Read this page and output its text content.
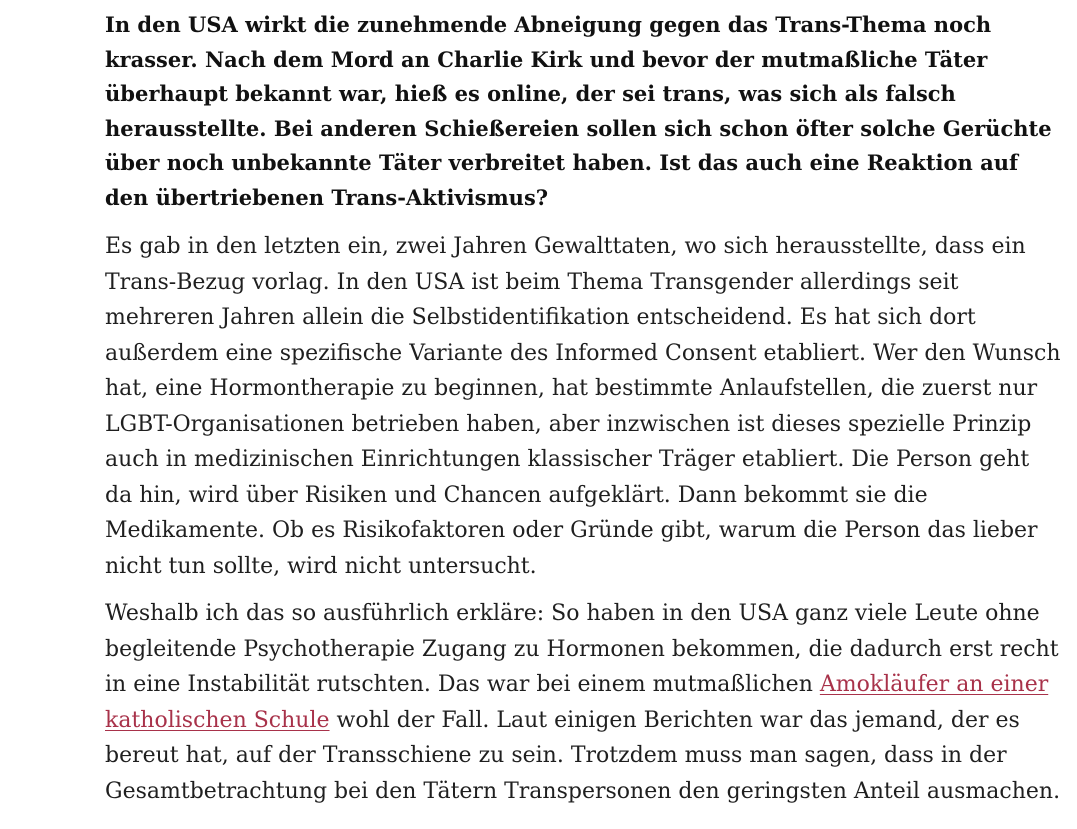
In den USA wirkt die zunehmende Abneigung gegen das Trans-Thema noch krasser. Nach dem Mord an Charlie Kirk und bevor der mutmaßliche Täter überhaupt bekannt war, hieß es online, der sei trans, was sich als falsch herausstellte. Bei anderen Schießereien sollen sich schon öfter solche Gerüchte über noch unbekannte Täter verbreitet haben. Ist das auch eine Reaktion auf den übertriebenen Trans-Aktivismus?

Es gab in den letzten ein, zwei Jahren Gewalttaten, wo sich herausstellte, dass ein Trans-Bezug vorlag. In den USA ist beim Thema Transgender allerdings seit mehreren Jahren allein die Selbstidentifikation entscheidend. Es hat sich dort außerdem eine spezifische Variante des Informed Consent etabliert. Wer den Wunsch hat, eine Hormontherapie zu beginnen, hat bestimmte Anlaufstellen, die zuerst nur LGBT-Organisationen betrieben haben, aber inzwischen ist dieses spezielle Prinzip auch in medizinischen Einrichtungen klassischer Träger etabliert. Die Person geht da hin, wird über Risiken und Chancen aufgeklärt. Dann bekommt sie die Medikamente. Ob es Risikofaktoren oder Gründe gibt, warum die Person das lieber nicht tun sollte, wird nicht untersucht.

Weshalb ich das so ausführlich erkläre: So haben in den USA ganz viele Leute ohne begleitende Psychotherapie Zugang zu Hormonen bekommen, die dadurch erst recht in eine Instabilität rutschten. Das war bei einem mutmaßlichen Amokläufer an einer katholischen Schule wohl der Fall. Laut einigen Berichten war das jemand, der es bereut hat, auf der Transschiene zu sein. Trotzdem muss man sagen, dass in der Gesamtbetrachtung bei den Tätern Transpersonen den geringsten Anteil ausmachen.
